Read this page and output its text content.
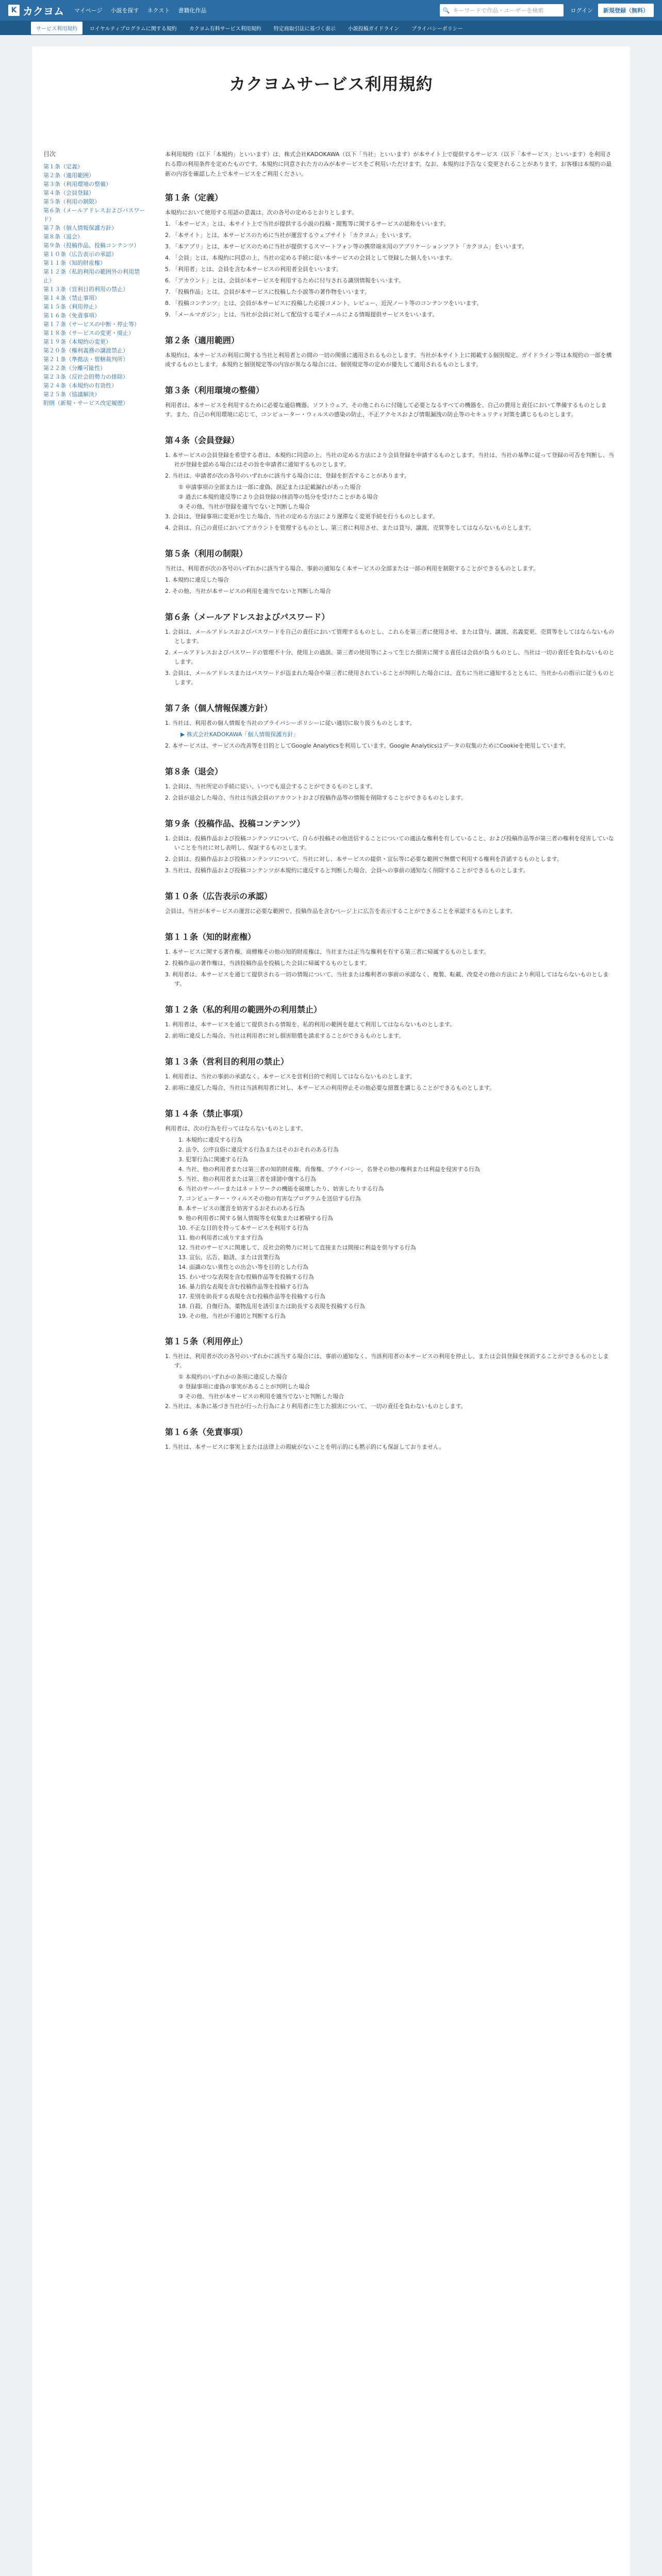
K カクヨム マイページ 小説を探す ネクスト 書籍化作品	🔍 キーワードで作品・ユーザーを検索	ログイン	新規登録（無料）
サービス利用規約	ロイヤルティプログラムに関する規約	カクヨム有料サービス利用規約	特定商取引法に基づく表示	小説投稿ガイドライン	プライバシーポリシー
カクヨムサービス利用規約
目次
第１条（定義）
第２条（適用範囲）
第３条（利用環境の整備）
第４条（会員登録）
第５条（利用の制限）
第６条（メールアドレスおよびパスワード）
第７条（個人情報保護方針）
第８条（退会）
第９条（投稿作品、投稿コンテンツ）
第１０条（広告表示の承認）
第１１条（知的財産権）
第１２条（私的利用の範囲外の利用禁止）
第１３条（営利目的利用の禁止）
第１４条（禁止事項）
第１５条（利用停止）
第１６条（免責事項）
第１７条（サービスの中断・停止等）
第１８条（サービスの変更・廃止）
第１９条（本規約の変更）
第２０条（権利義務の譲渡禁止）
第２１条（準拠法・管轄裁判所）
第２２条（分離可能性）
第２３条（反社会的勢力の排除）
第２４条（本規約の有効性）
第２５条（協議解決）
附則（新規・サービス改定履歴）

本利用規約（以下「本規約」といいます）は、株式会社KADOKAWA（以下「当社」といいます）が本サイト上で提供するサービス（以下「本サービス」といいます）を利用される際の利用条件を定めたものです。本規約に同意された方のみが本サービスをご利用いただけます。なお、本規約は予告なく変更されることがあります。お客様は本規約の最新の内容を確認した上で本サービスをご利用ください。

第１条（定義）
本規約において使用する用語の意義は、次の各号の定めるとおりとします。
1. 「本サービス」とは、本サイト上で当社が提供する小説の投稿・閲覧等に関するサービスの総称をいいます。
2. 「本サイト」とは、本サービスのために当社が運営するウェブサイト「カクヨム」をいいます。
3. 「本アプリ」とは、本サービスのために当社が提供するスマートフォン等の携帯端末用のアプリケーションソフト「カクヨム」をいいます。
4. 「会員」とは、本規約に同意の上、当社の定める手続に従い本サービスの会員として登録した個人をいいます。
5. 「利用者」とは、会員を含む本サービスの利用者全員をいいます。
6. 「アカウント」とは、会員が本サービスを利用するために付与される識別情報をいいます。
7. 「投稿作品」とは、会員が本サービスに投稿した小説等の著作物をいいます。
8. 「投稿コンテンツ」とは、会員が本サービスに投稿した応援コメント、レビュー、近況ノート等のコンテンツをいいます。
9. 「メールマガジン」とは、当社が会員に対して配信する電子メールによる情報提供サービスをいいます。
第２条（適用範囲）
本規約は、本サービスの利用に関する当社と利用者との間の一切の関係に適用されるものとします。当社が本サイト上に掲載する個別規定、ガイドライン等は本規約の一部を構成するものとします。本規約と個別規定等の内容が異なる場合には、個別規定等の定めが優先して適用されるものとします。
第３条（利用環境の整備）
利用者は、本サービスを利用するために必要な通信機器、ソフトウェア、その他これらに付随して必要となるすべての機器を、自己の費用と責任において準備するものとします。また、自己の利用環境に応じて、コンピューター・ウィルスの感染の防止、不正アクセスおよび情報漏洩の防止等のセキュリティ対策を講じるものとします。
第４条（会員登録）
1. 本サービスの会員登録を希望する者は、本規約に同意の上、当社の定める方法により会員登録を申請するものとします。当社は、当社の基準に従って登録の可否を判断し、当社が登録を認める場合にはその旨を申請者に通知するものとします。
2. 当社は、申請者が次の各号のいずれかに該当する場合には、登録を拒否することがあります。
① 申請事項の全部または一部に虚偽、誤記または記載漏れがあった場合
② 過去に本規約違反等により会員登録の抹消等の処分を受けたことがある場合
③ その他、当社が登録を適当でないと判断した場合
3. 会員は、登録事項に変更が生じた場合、当社の定める方法により遅滞なく変更手続を行うものとします。
4. 会員は、自己の責任においてアカウントを管理するものとし、第三者に利用させ、または貸与、譲渡、売買等をしてはならないものとします。
第５条（利用の制限）
当社は、利用者が次の各号のいずれかに該当する場合、事前の通知なく本サービスの全部または一部の利用を制限することができるものとします。
1. 本規約に違反した場合
2. その他、当社が本サービスの利用を適当でないと判断した場合
第６条（メールアドレスおよびパスワード）
1. 会員は、メールアドレスおよびパスワードを自己の責任において管理するものとし、これらを第三者に使用させ、または貸与、譲渡、名義変更、売買等をしてはならないものとします。
2. メールアドレスおよびパスワードの管理不十分、使用上の過誤、第三者の使用等によって生じた損害に関する責任は会員が負うものとし、当社は一切の責任を負わないものとします。
3. 会員は、メールアドレスまたはパスワードが盗まれた場合や第三者に使用されていることが判明した場合には、直ちに当社に通知するとともに、当社からの指示に従うものとします。
第７条（個人情報保護方針）
1. 当社は、利用者の個人情報を当社のプライバシーポリシーに従い適切に取り扱うものとします。
▶ 株式会社KADOKAWA「個人情報保護方針」
2. 本サービスは、サービスの改善等を目的としてGoogle Analyticsを利用しています。Google Analyticsはデータの収集のためにCookieを使用しています。
第８条（退会）
1. 会員は、当社所定の手続に従い、いつでも退会することができるものとします。
2. 会員が退会した場合、当社は当該会員のアカウントおよび投稿作品等の情報を削除することができるものとします。
第９条（投稿作品、投稿コンテンツ）
1. 会員は、投稿作品および投稿コンテンツについて、自らが投稿その他送信することについての適法な権利を有していること、および投稿作品等が第三者の権利を侵害していないことを当社に対し表明し、保証するものとします。
2. 会員は、投稿作品および投稿コンテンツについて、当社に対し、本サービスの提供・宣伝等に必要な範囲で無償で利用する権利を許諾するものとします。
3. 当社は、投稿作品および投稿コンテンツが本規約に違反すると判断した場合、会員への事前の通知なく削除することができるものとします。
第１０条（広告表示の承認）
会員は、当社が本サービスの運営に必要な範囲で、投稿作品を含むページ上に広告を表示することができることを承認するものとします。
第１１条（知的財産権）
1. 本サービスに関する著作権、商標権その他の知的財産権は、当社または正当な権利を有する第三者に帰属するものとします。
2. 投稿作品の著作権は、当該投稿作品を投稿した会員に帰属するものとします。
3. 利用者は、本サービスを通じて提供される一切の情報について、当社または権利者の事前の承諾なく、複製、転載、改変その他の方法により利用してはならないものとします。
第１２条（私的利用の範囲外の利用禁止）
1. 利用者は、本サービスを通じて提供される情報を、私的利用の範囲を超えて利用してはならないものとします。
2. 前項に違反した場合、当社は利用者に対し損害賠償を請求することができるものとします。
第１３条（営利目的利用の禁止）
1. 利用者は、当社の事前の承諾なく、本サービスを営利目的で利用してはならないものとします。
2. 前項に違反した場合、当社は当該利用者に対し、本サービスの利用停止その他必要な措置を講じることができるものとします。
第１４条（禁止事項）
利用者は、次の行為を行ってはならないものとします。
1. 本規約に違反する行為
2. 法令、公序良俗に違反する行為またはそのおそれのある行為
3. 犯罪行為に関連する行為
4. 当社、他の利用者または第三者の知的財産権、肖像権、プライバシー、名誉その他の権利または利益を侵害する行為
5. 当社、他の利用者または第三者を誹謗中傷する行為
6. 当社のサーバーまたはネットワークの機能を破壊したり、妨害したりする行為
7. コンピューター・ウィルスその他の有害なプログラムを送信する行為
8. 本サービスの運営を妨害するおそれのある行為
9. 他の利用者に関する個人情報等を収集または蓄積する行為
10. 不正な目的を持って本サービスを利用する行為
11. 他の利用者に成りすます行為
12. 当社のサービスに関連して、反社会的勢力に対して直接または間接に利益を供与する行為
13. 宣伝、広告、勧誘、または営業行為
14. 面識のない異性との出会い等を目的とした行為
15. わいせつな表現を含む投稿作品等を投稿する行為
16. 暴力的な表現を含む投稿作品等を投稿する行為
17. 差別を助長する表現を含む投稿作品等を投稿する行為
18. 自殺、自傷行為、薬物乱用を誘引または助長する表現を投稿する行為
19. その他、当社が不適切と判断する行為
第１５条（利用停止）
1. 当社は、利用者が次の各号のいずれかに該当する場合には、事前の通知なく、当該利用者の本サービスの利用を停止し、または会員登録を抹消することができるものとします。
① 本規約のいずれかの条項に違反した場合
② 登録事項に虚偽の事実があることが判明した場合
③ その他、当社が本サービスの利用を適当でないと判断した場合
2. 当社は、本条に基づき当社が行った行為により利用者に生じた損害について、一切の責任を負わないものとします。
第１６条（免責事項）
1. 当社は、本サービスに事実上または法律上の瑕疵がないことを明示的にも黙示的にも保証しておりません。
